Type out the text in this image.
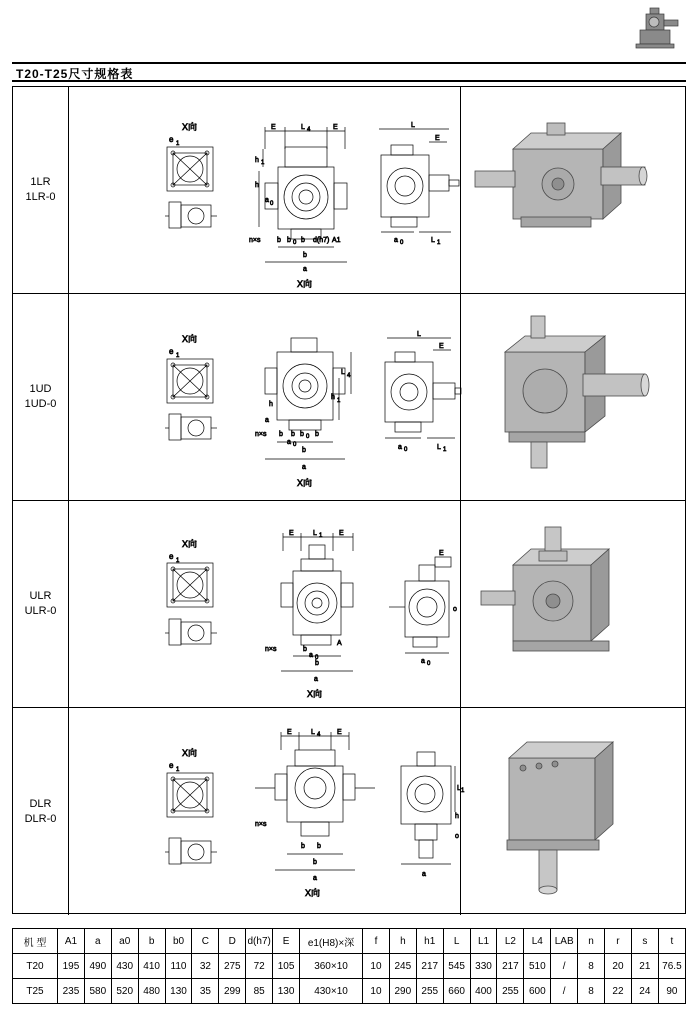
T20-T25尺寸规格表
1LR
1LR-0
X向
e 1
E	L 4	E
h 1
h
a 0
n×s b b 0 b d(h7) A1
b
a
X向
L
E
a 0	L 1
1UD
1UD-0
X向
e 1
L 4
h 1
h
a
n×s b b b 0 b
b
a 0
a
X向
L
E
a 0	L 1
ULR
ULR-0
X向
e 1
E	L 1 E
n×s	b
A
b
a 0
a
X向
E
a 0
o
DLR
DLR-0
X向
e 1
E	L 4 E
n×s
b b
b
a
X向
L 1
h
a
o
机 型	A1	a	a0	b	b0	C	D	d(h7)	E	e1(H8)×深	f	h	h1	L	L1	L2	L4	LAB	n	r	s	t
T20	195	490	430	410	110	32	275	72	105	360×10	10	245	217	545	330	217	510	/	8	20	21	76.5
T25	235	580	520	480	130	35	299	85	130	430×10	10	290	255	660	400	255	600	/	8	22	24	90
